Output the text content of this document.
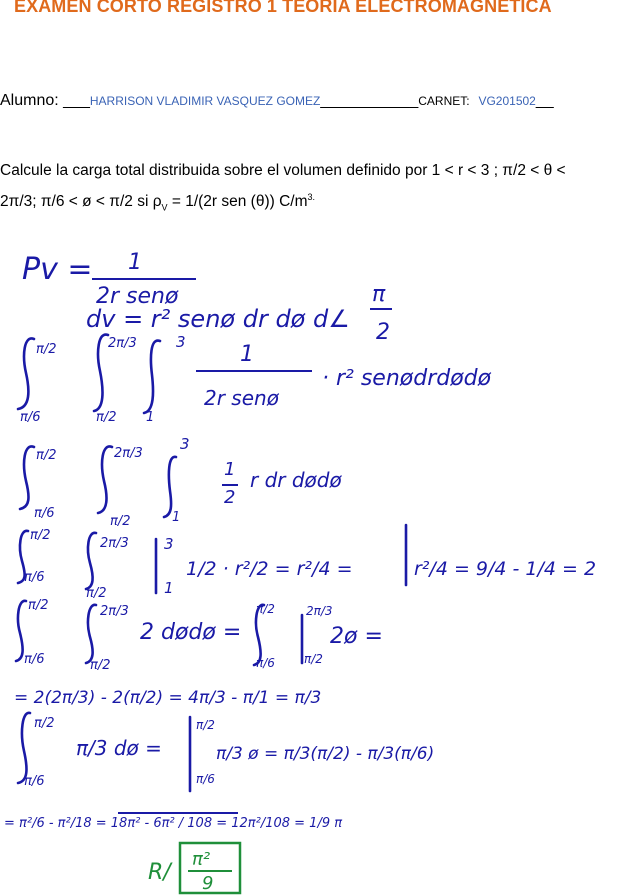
EXAMEN CORTO REGISTRO 1 TEORIA ELECTROMAGNETICA
Alumno: ___HARRISON VLADIMIR VASQUEZ GOMEZ___________CARNET: VG201502__
Calcule la carga total distribuida sobre el volumen definido por 1 < r < 3 ; π/2 < θ <
2π/3; π/6 < ø < π/2 si $\rho_V = 1/(2r$ sen (θ)) $C/m^{3.}$
Pv = 1
2r senø
dv = r² senø dr dø d∠
π
2
π/2
π/6
2π/3
π/2
3
1
1
2r senø
· r² senødrdødø
π/2
π/6
2π/3
π/2
3
1
1
2
r dr dødø
π/2
π/6
2π/3
π/2
3
1
1/2 · r²/2 = r²/4 =	r²/4 = 9/4 - 1/4 = 2
π/2
π/6
2π/3
π/2
2 dødø =
π/2
π/6
2π/3
π/2
2ø =
= 2(2π/3) - 2(π/2) = 4π/3 - π/1 = π/3
π/2
π/6
π/3 dø =
π/2
π/6
π/3 ø = π/3(π/2) - π/3(π/6)
= π²/6 - π²/18 = 18π² - 6π² / 108 = 12π²/108 = 1/9 π
R/
π²
9
